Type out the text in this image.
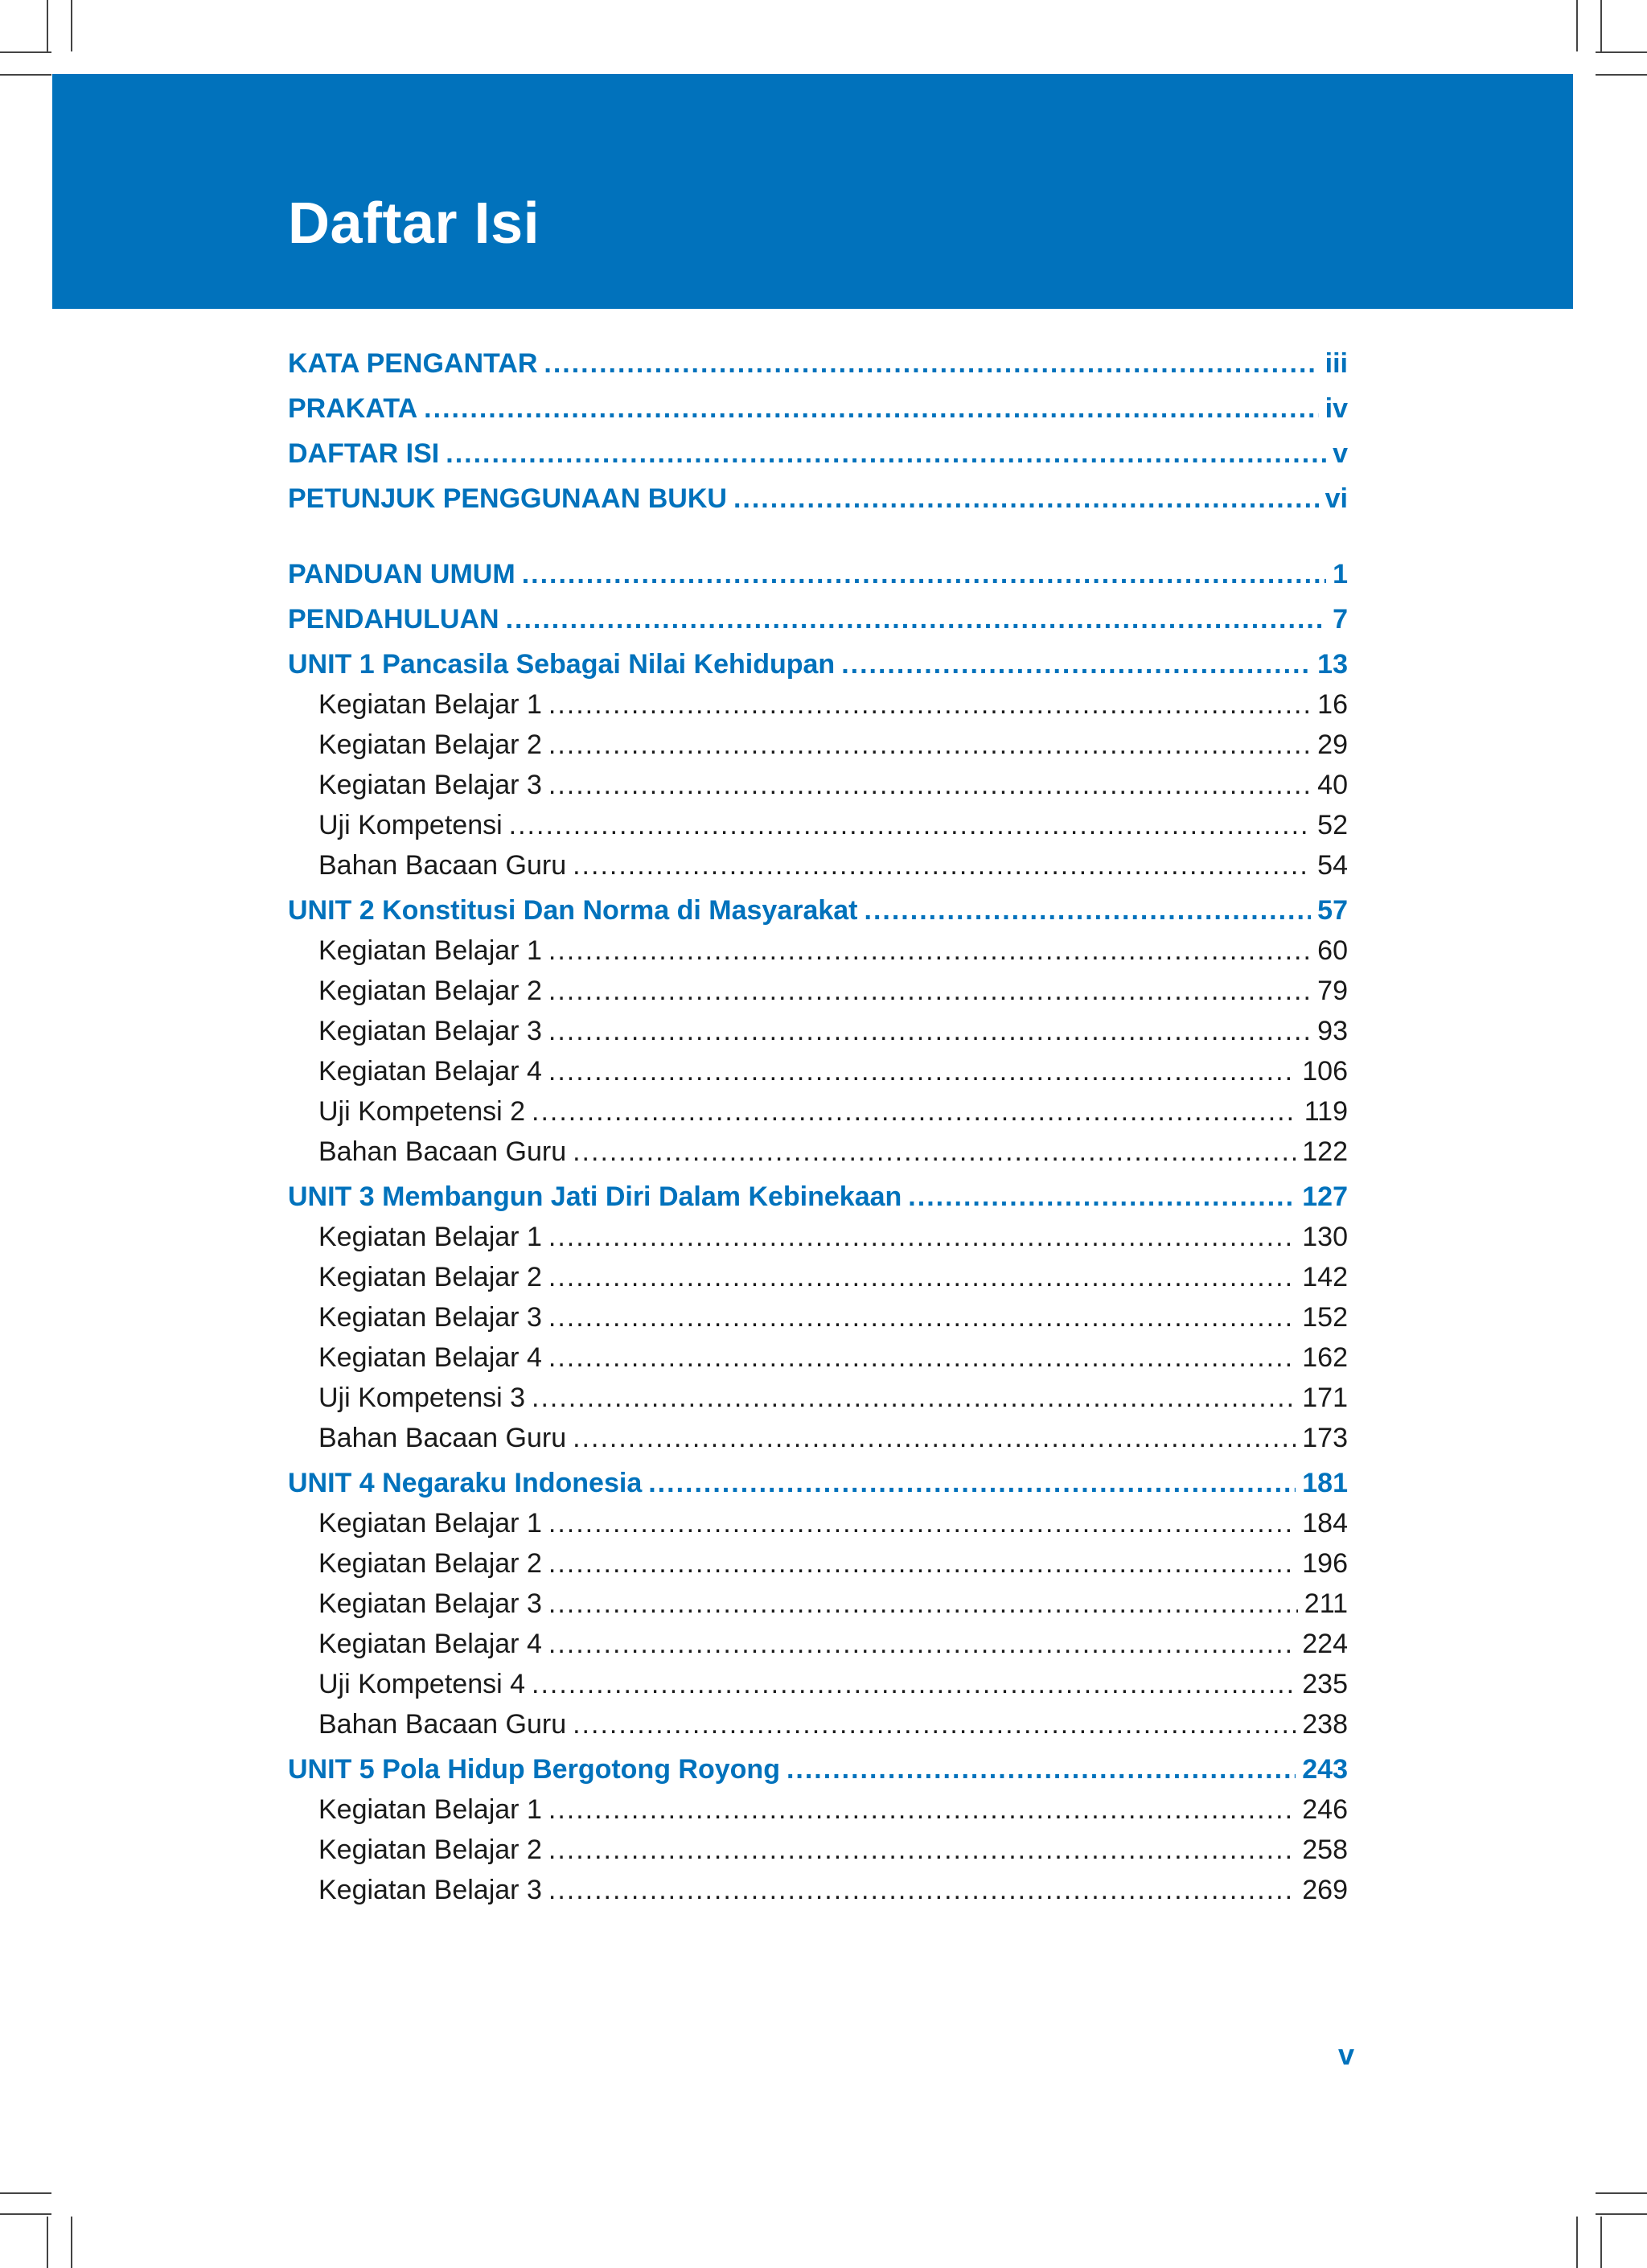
Daftar Isi
KATA PENGANTAR .....	iii
PRAKATA .....	iv
DAFTAR ISI .....	v
PETUNJUK PENGGUNAAN BUKU .....	vi
PANDUAN UMUM .....	1
PENDAHULUAN .....	7
UNIT 1 Pancasila Sebagai Nilai Kehidupan .....	13
Kegiatan Belajar 1 .....	16
Kegiatan Belajar 2 .....	29
Kegiatan Belajar 3 .....	40
Uji Kompetensi .....	52
Bahan Bacaan Guru .....	54
UNIT 2 Konstitusi Dan Norma di Masyarakat .....	57
Kegiatan Belajar 1 .....	60
Kegiatan Belajar 2 .....	79
Kegiatan Belajar 3 .....	93
Kegiatan Belajar 4 .....	106
Uji Kompetensi 2 .....	119
Bahan Bacaan Guru .....	122
UNIT 3 Membangun Jati Diri Dalam Kebinekaan .....	127
Kegiatan Belajar 1 .....	130
Kegiatan Belajar 2 .....	142
Kegiatan Belajar 3 .....	152
Kegiatan Belajar 4 .....	162
Uji Kompetensi 3 .....	171
Bahan Bacaan Guru .....	173
UNIT 4 Negaraku Indonesia .....	181
Kegiatan Belajar 1 .....	184
Kegiatan Belajar 2 .....	196
Kegiatan Belajar 3 .....	211
Kegiatan Belajar 4 .....	224
Uji Kompetensi 4 .....	235
Bahan Bacaan Guru .....	238
UNIT 5 Pola Hidup Bergotong Royong .....	243
Kegiatan Belajar 1 .....	246
Kegiatan Belajar 2 .....	258
Kegiatan Belajar 3 .....	269
v
